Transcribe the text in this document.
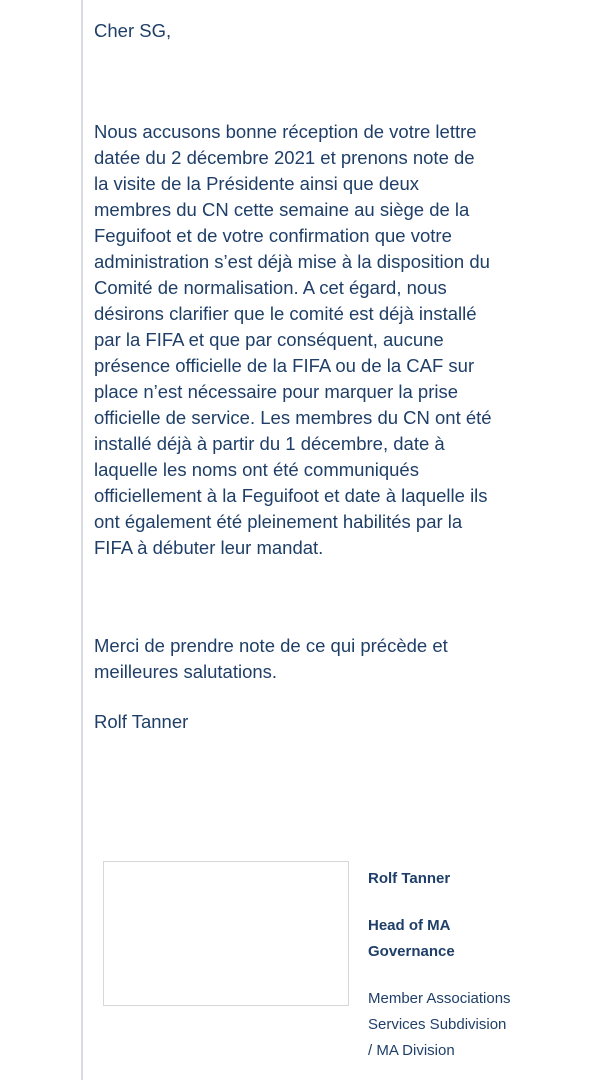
Cher SG,

Nous accusons bonne réception de votre lettre
datée du 2 décembre 2021 et prenons note de
la visite de la Présidente ainsi que deux
membres du CN cette semaine au siège de la
Feguifoot et de votre confirmation que votre
administration s’est déjà mise à la disposition du
Comité de normalisation. A cet égard, nous
désirons clarifier que le comité est déjà installé
par la FIFA et que par conséquent, aucune
présence officielle de la FIFA ou de la CAF sur
place n’est nécessaire pour marquer la prise
officielle de service. Les membres du CN ont été
installé déjà à partir du 1 décembre, date à
laquelle les noms ont été communiqués
officiellement à la Feguifoot et date à laquelle ils
ont également été pleinement habilités par la
FIFA à débuter leur mandat.

Merci de prendre note de ce qui précède et
meilleures salutations.

Rolf Tanner

Rolf Tanner

Head of MA
Governance

Member Associations
Services Subdivision
/ MA Division
